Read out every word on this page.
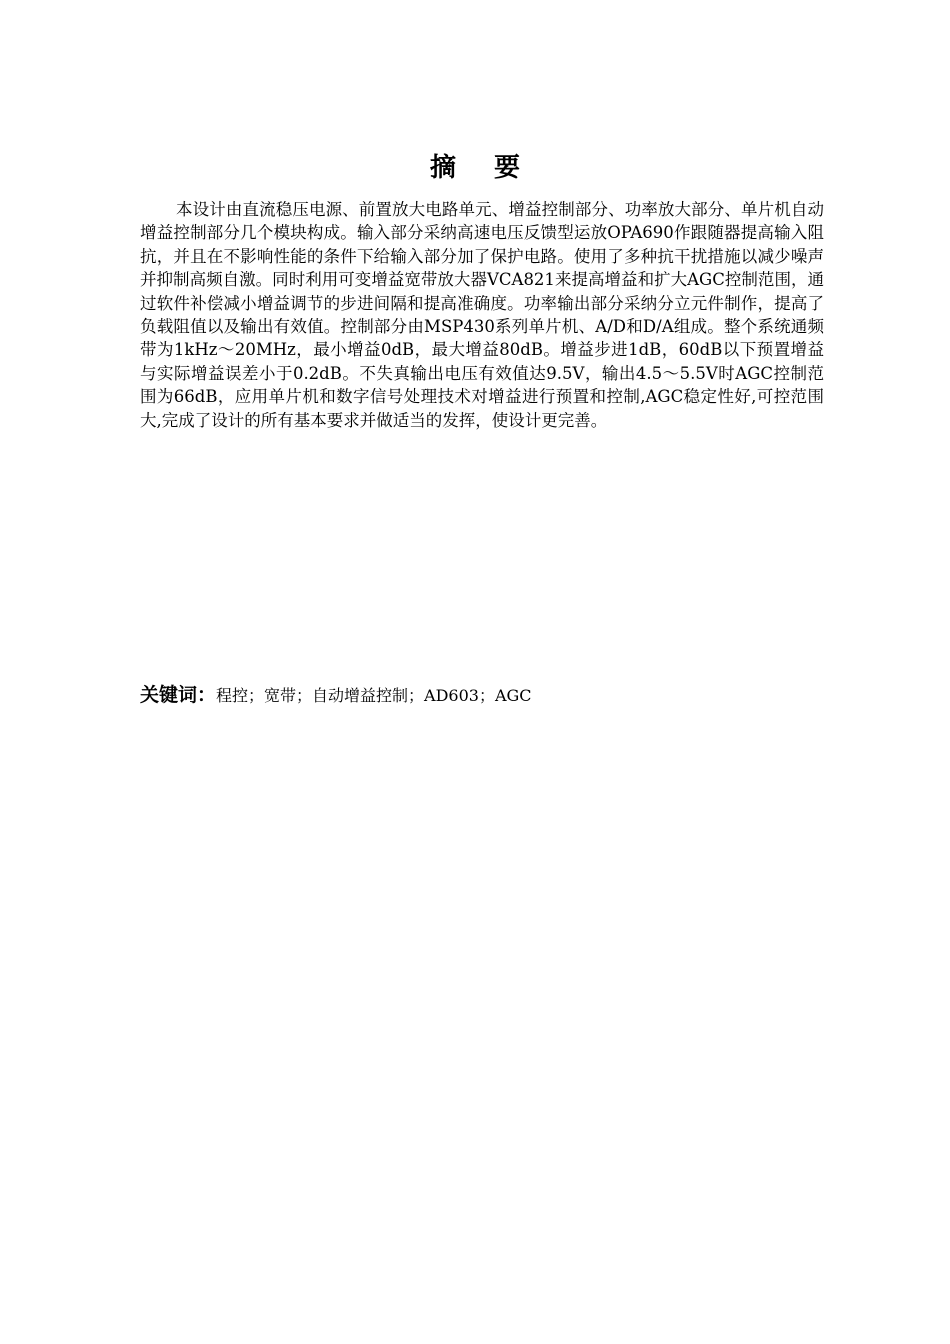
摘 要

本设计由直流稳压电源、前置放大电路单元、增益控制部分、功率放大部分、单片机自动增益控制部分几个模块构成。输入部分采纳高速电压反馈型运放OPA690作跟随器提高输入阻抗，并且在不影响性能的条件下给输入部分加了保护电路。使用了多种抗干扰措施以减少噪声并抑制高频自激。同时利用可变增益宽带放大器VCA821来提高增益和扩大AGC控制范围，通过软件补偿减小增益调节的步进间隔和提高准确度。功率输出部分采纳分立元件制作，提高了负载阻值以及输出有效值。控制部分由MSP430系列单片机、A/D和D/A组成。整个系统通频带为1kHz～20MHz，最小增益0dB，最大增益80dB。增益步进1dB，60dB以下预置增益与实际增益误差小于0.2dB。不失真输出电压有效值达9.5V，输出4.5～5.5V时AGC控制范围为66dB，应用单片机和数字信号处理技术对增益进行预置和控制,AGC稳定性好,可控范围大,完成了设计的所有基本要求并做适当的发挥，使设计更完善。

关键词：程控；宽带；自动增益控制；AD603；AGC
